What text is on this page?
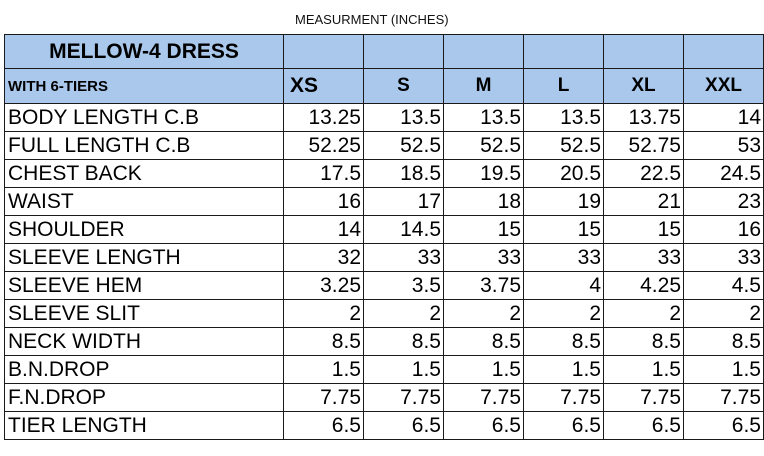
MEASURMENT (INCHES)
MELLOW-4 DRESS						
WITH 6-TIERS	XS	S	M	L	XL	XXL
BODY LENGTH C.B	13.25	13.5	13.5	13.5	13.75	14
FULL LENGTH C.B	52.25	52.5	52.5	52.5	52.75	53
CHEST BACK	17.5	18.5	19.5	20.5	22.5	24.5
WAIST	16	17	18	19	21	23
SHOULDER	14	14.5	15	15	15	16
SLEEVE LENGTH	32	33	33	33	33	33
SLEEVE HEM	3.25	3.5	3.75	4	4.25	4.5
SLEEVE SLIT	2	2	2	2	2	2
NECK WIDTH	8.5	8.5	8.5	8.5	8.5	8.5
B.N.DROP	1.5	1.5	1.5	1.5	1.5	1.5
F.N.DROP	7.75	7.75	7.75	7.75	7.75	7.75
TIER LENGTH	6.5	6.5	6.5	6.5	6.5	6.5
